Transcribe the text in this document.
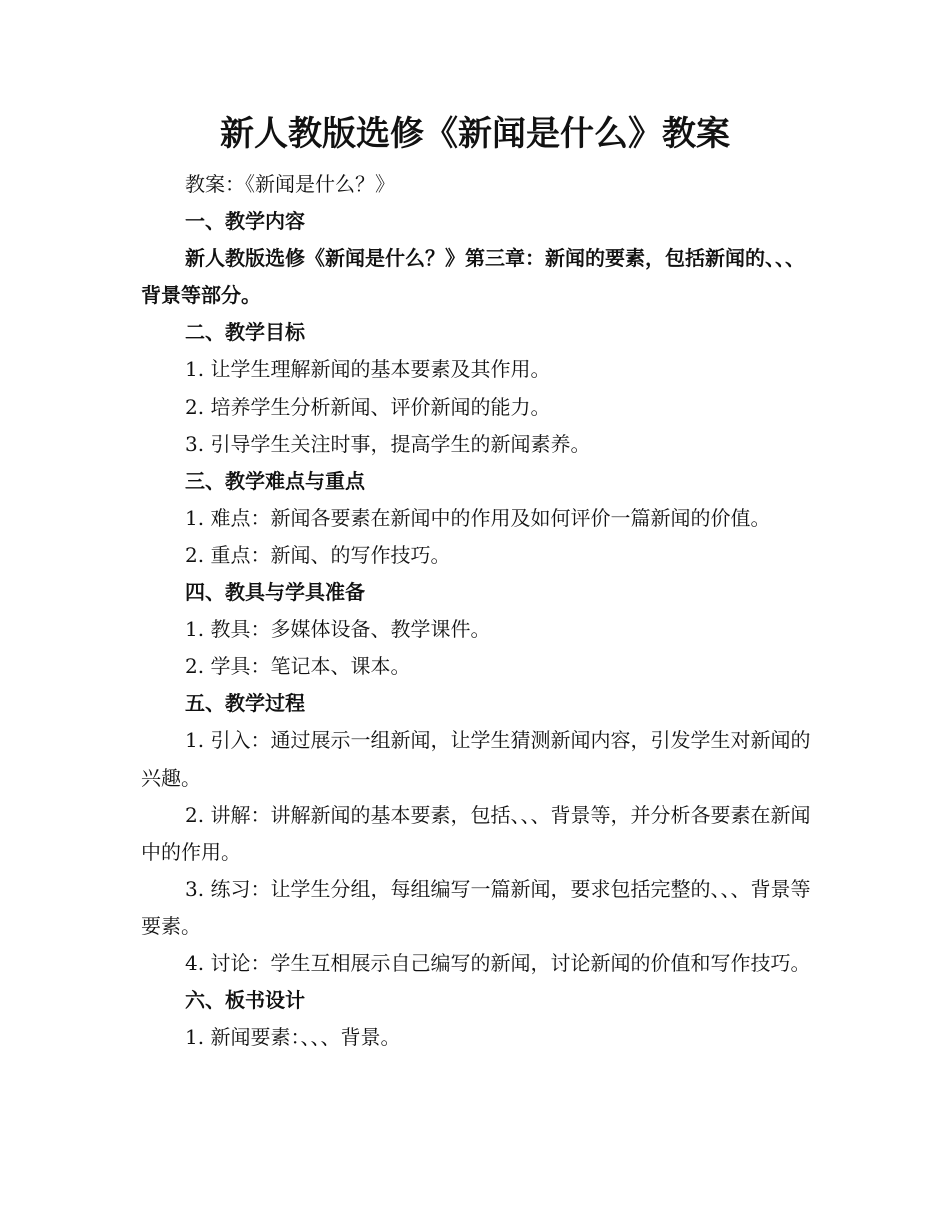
新人教版选修《新闻是什么》教案

教案：《新闻是什么？》

一、教学内容

新人教版选修《新闻是什么？》第三章：新闻的要素，包括新闻的、、、背景等部分。

二、教学目标

1. 让学生理解新闻的基本要素及其作用。

2. 培养学生分析新闻、评价新闻的能力。

3. 引导学生关注时事，提高学生的新闻素养。

三、教学难点与重点

1. 难点：新闻各要素在新闻中的作用及如何评价一篇新闻的价值。

2. 重点：新闻、的写作技巧。

四、教具与学具准备

1. 教具：多媒体设备、教学课件。

2. 学具：笔记本、课本。

五、教学过程

1. 引入：通过展示一组新闻，让学生猜测新闻内容，引发学生对新闻的兴趣。

2. 讲解：讲解新闻的基本要素，包括、、、背景等，并分析各要素在新闻中的作用。

3. 练习：让学生分组，每组编写一篇新闻，要求包括完整的、、、背景等要素。

4. 讨论：学生互相展示自己编写的新闻，讨论新闻的价值和写作技巧。

六、板书设计

1. 新闻要素：、、、背景。
